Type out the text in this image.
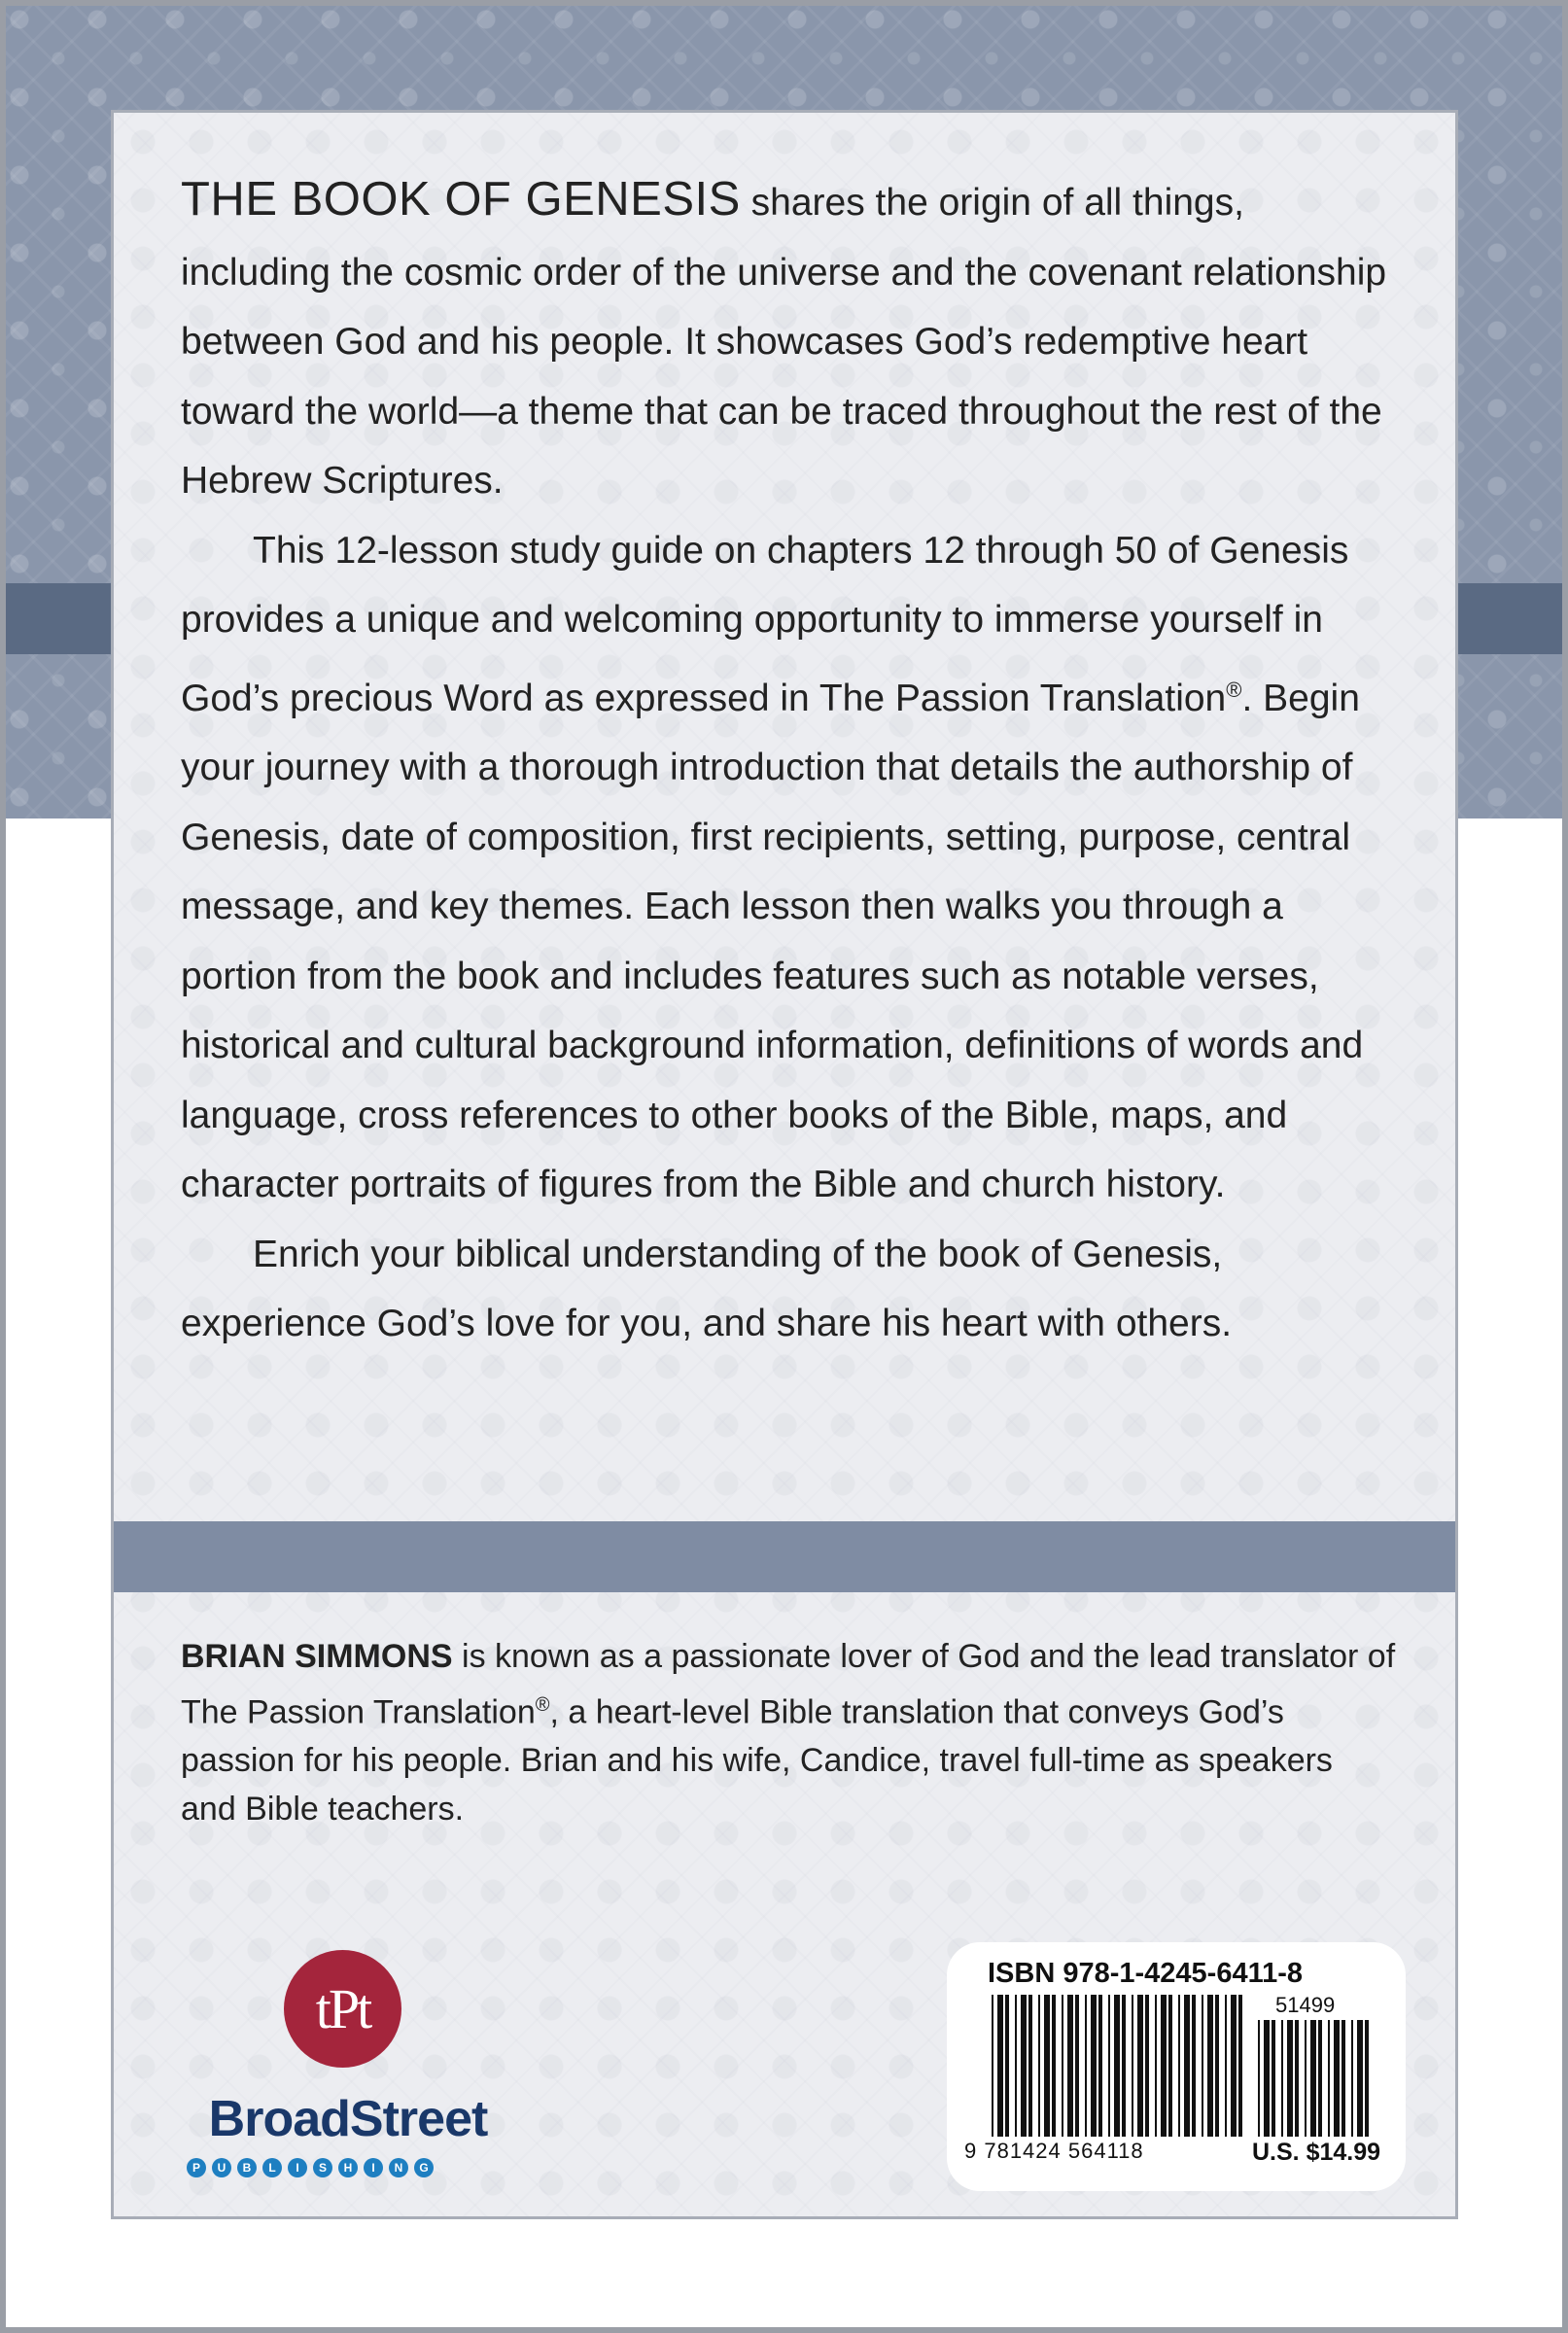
THE BOOK OF GENESIS shares the origin of all things, including the cosmic order of the universe and the covenant relationship between God and his people. It showcases God’s redemptive heart toward the world—a theme that can be traced throughout the rest of the Hebrew Scriptures.

This 12-lesson study guide on chapters 12 through 50 of Genesis provides a unique and welcoming opportunity to immerse yourself in God’s precious Word as expressed in The Passion Translation®. Begin your journey with a thorough introduction that details the authorship of Genesis, date of composition, first recipients, setting, purpose, central message, and key themes. Each lesson then walks you through a portion from the book and includes features such as notable verses, historical and cultural background information, definitions of words and language, cross references to other books of the Bible, maps, and character portraits of figures from the Bible and church history.

Enrich your biblical understanding of the book of Genesis, experience God’s love for you, and share his heart with others.

BRIAN SIMMONS is known as a passionate lover of God and the lead translator of The Passion Translation®, a heart-level Bible translation that conveys God’s passion for his people. Brian and his wife, Candice, travel full-time as speakers and Bible teachers.

tPt
BroadStreet
P	U	B	L	I	S	H	I	N	G
ISBN 978-1-4245-6411-8
51499
9 781424 564118	U.S. $14.99
